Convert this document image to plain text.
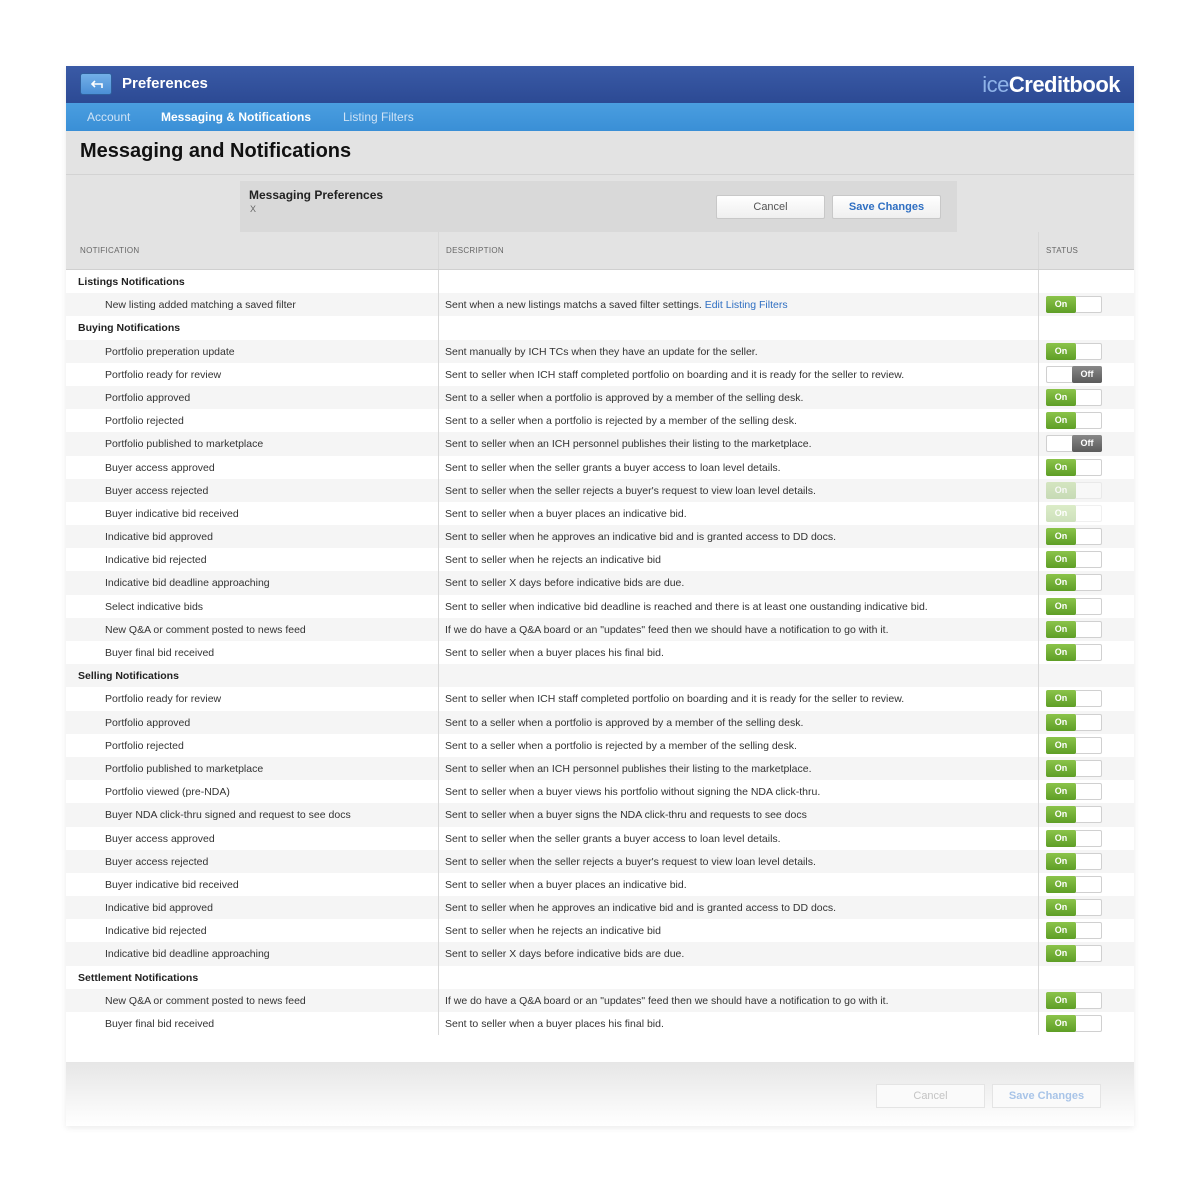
Preferences	iceCreditbook
Account	Messaging & Notifications	Listing Filters
Messaging and Notifications
Messaging Preferences
X	Cancel	Save Changes
NOTIFICATION	DESCRIPTION	STATUS
Listings Notifications
New listing added matching a saved filter	Sent when a new listings matchs a saved filter settings. Edit Listing Filters	On
Buying Notifications
Portfolio preperation update	Sent manually by ICH TCs when they have an update for the seller.	On
Portfolio ready for review	Sent to seller when ICH staff completed portfolio on boarding and it is ready for the seller to review.	Off
Portfolio approved	Sent to a seller when a portfolio is approved by a member of the selling desk.	On
Portfolio rejected	Sent to a seller when a portfolio is rejected by a member of the selling desk.	On
Portfolio published to marketplace	Sent to seller when an ICH personnel publishes their listing to the marketplace.	Off
Buyer access approved	Sent to seller when the seller grants a buyer access to loan level details.	On
Buyer access rejected	Sent to seller when the seller rejects a buyer's request to view loan level details.	On
Buyer indicative bid received	Sent to seller when a buyer places an indicative bid.	On
Indicative bid approved	Sent to seller when he approves an indicative bid and is granted access to DD docs.	On
Indicative bid rejected	Sent to seller when he rejects an indicative bid	On
Indicative bid deadline approaching	Sent to seller X days before indicative bids are due.	On
Select indicative bids	Sent to seller when indicative bid deadline is reached and there is at least one oustanding indicative bid.	On
New Q&A or comment posted to news feed	If we do have a Q&A board or an "updates" feed then we should have a notification to go with it.	On
Buyer final bid received	Sent to seller when a buyer places his final bid.	On
Selling Notifications
Portfolio ready for review	Sent to seller when ICH staff completed portfolio on boarding and it is ready for the seller to review.	On
Portfolio approved	Sent to a seller when a portfolio is approved by a member of the selling desk.	On
Portfolio rejected	Sent to a seller when a portfolio is rejected by a member of the selling desk.	On
Portfolio published to marketplace	Sent to seller when an ICH personnel publishes their listing to the marketplace.	On
Portfolio viewed (pre-NDA)	Sent to seller when a buyer views his portfolio without signing the NDA click-thru.	On
Buyer NDA click-thru signed and request to see docs	Sent to seller when a buyer signs the NDA click-thru and requests to see docs	On
Buyer access approved	Sent to seller when the seller grants a buyer access to loan level details.	On
Buyer access rejected	Sent to seller when the seller rejects a buyer's request to view loan level details.	On
Buyer indicative bid received	Sent to seller when a buyer places an indicative bid.	On
Indicative bid approved	Sent to seller when he approves an indicative bid and is granted access to DD docs.	On
Indicative bid rejected	Sent to seller when he rejects an indicative bid	On
Indicative bid deadline approaching	Sent to seller X days before indicative bids are due.	On
Settlement Notifications
New Q&A or comment posted to news feed	If we do have a Q&A board or an "updates" feed then we should have a notification to go with it.	On
Buyer final bid received	Sent to seller when a buyer places his final bid.	On
Cancel	Save Changes
